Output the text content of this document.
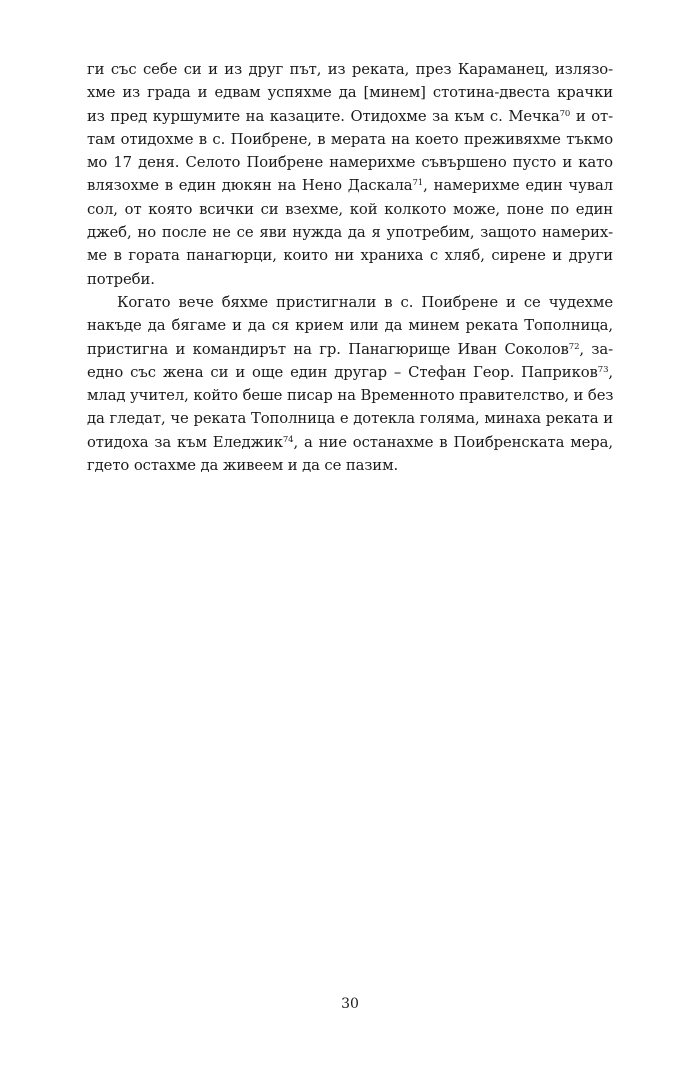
ги със себе си и из друг път, из реката, през Караманец, излязо-
хме из града и едвам успяхме да [минем] стотина-двеста крачки
из пред куршумите на казаците. Отидохме за към с. Мечка$^{70}$ и от-
там отидохме в с. Поибрене, в мерата на което преживяхме тъкмо
мо 17 деня. Селото Поибрене намерихме съвършено пусто и като
влязохме в един дюкян на Нено Даскала$^{71}$, намерихме един чувал
сол, от която всички си взехме, кой колкото може, поне по един
джеб, но после не се яви нужда да я употребим, защото намерих-
ме в гората панагюрци, които ни храниха с хляб, сирене и други
потреби.
Когато вече бяхме пристигнали в с. Поибрене и се чудехме
накъде да бягаме и да ся крием или да минем реката Тополница,
пристигна и командирът на гр. Панагюрище Иван Соколов$^{72}$, за-
едно със жена си и още един другар – Стефан Геор. Паприков$^{73}$,
млад учител, който беше писар на Временното правителство, и без
да гледат, че реката Тополница е дотекла голяма, минаха реката и
отидоха за към Еледжик$^{74}$, а ние останахме в Поибренската мера,
гдето остахме да живеем и да се пазим.
30
